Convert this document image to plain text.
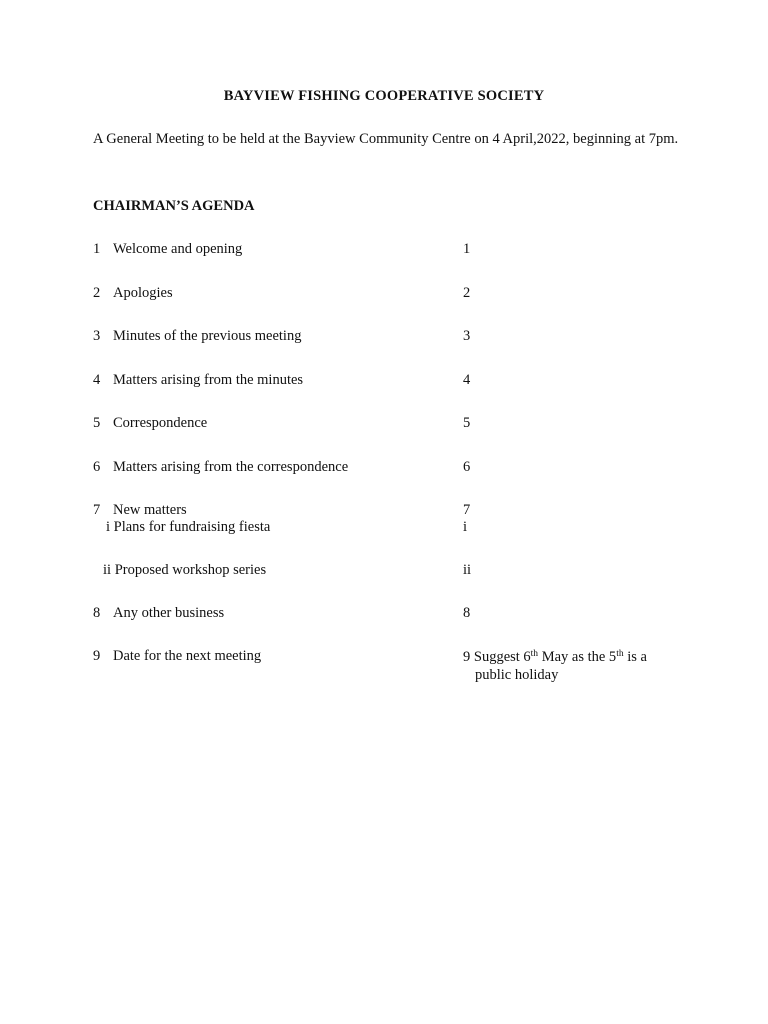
BAYVIEW FISHING COOPERATIVE SOCIETY
A General Meeting to be held at the Bayview Community Centre on 4 April,2022, beginning at 7pm.
CHAIRMAN’S AGENDA
1 Welcome and opening	1
2 Apologies	2
3 Minutes of the previous meeting	3
4 Matters arising from the minutes	4
5 Correspondence	5
6 Matters arising from the correspondence	6
7 New matters	7
i Plans for fundraising fiesta	i
ii Proposed workshop series	ii
8 Any other business	8
9 Date for the next meeting	9 Suggest 6th May as the 5th is a
public holiday
